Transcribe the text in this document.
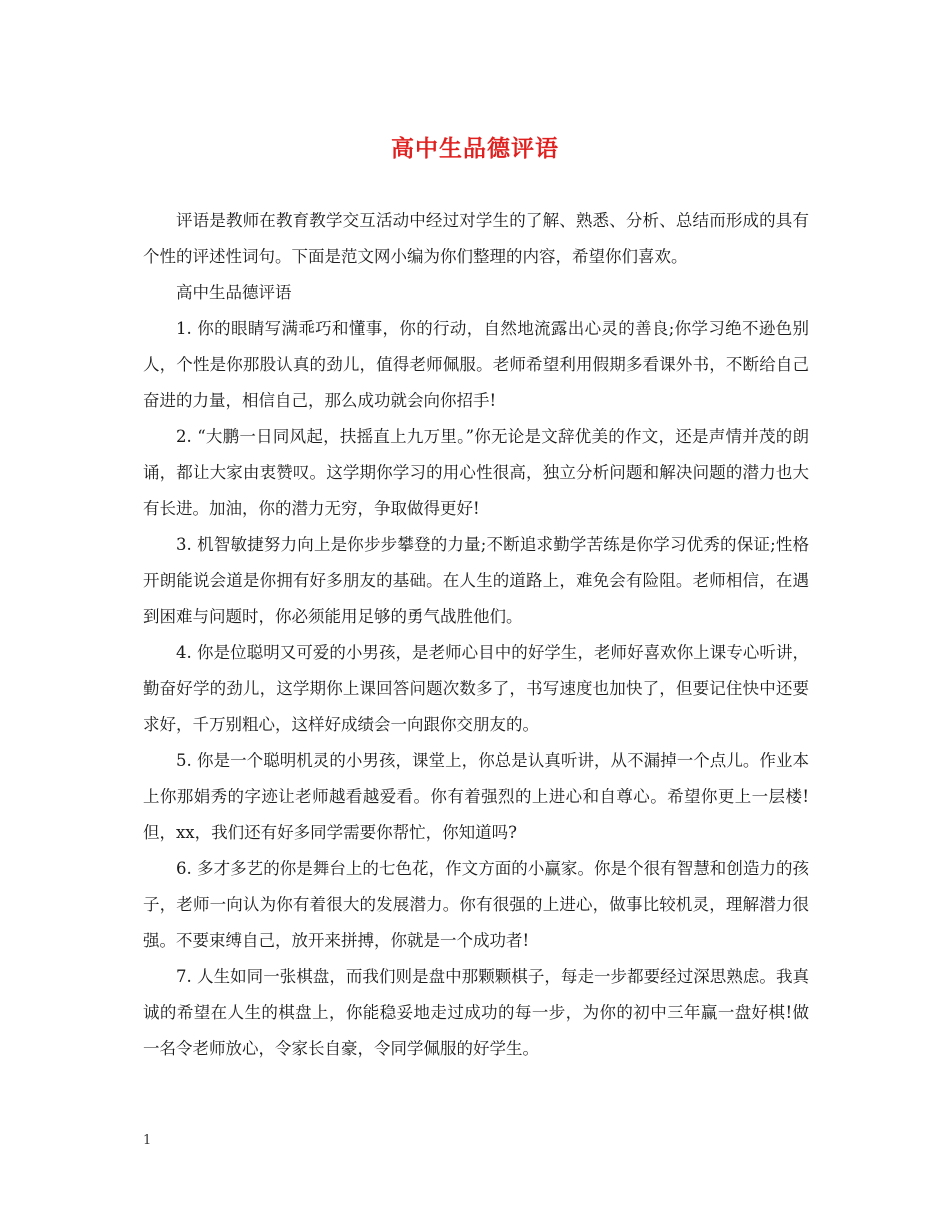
高中生品德评语

评语是教师在教育教学交互活动中经过对学生的了解、熟悉、分析、总结而形成的具有个性的评述性词句。下面是范文网小编为你们整理的内容，希望你们喜欢。

高中生品德评语

1. 你的眼睛写满乖巧和懂事，你的行动，自然地流露出心灵的善良;你学习绝不逊色别人，个性是你那股认真的劲儿，值得老师佩服。老师希望利用假期多看课外书，不断给自己奋进的力量，相信自己，那么成功就会向你招手!

2. “大鹏一日同风起，扶摇直上九万里。”你无论是文辞优美的作文，还是声情并茂的朗诵，都让大家由衷赞叹。这学期你学习的用心性很高，独立分析问题和解决问题的潜力也大有长进。加油，你的潜力无穷，争取做得更好!

3. 机智敏捷努力向上是你步步攀登的力量;不断追求勤学苦练是你学习优秀的保证;性格开朗能说会道是你拥有好多朋友的基础。在人生的道路上，难免会有险阻。老师相信，在遇到困难与问题时，你必须能用足够的勇气战胜他们。

4. 你是位聪明又可爱的小男孩，是老师心目中的好学生，老师好喜欢你上课专心听讲，勤奋好学的劲儿，这学期你上课回答问题次数多了，书写速度也加快了，但要记住快中还要求好，千万别粗心，这样好成绩会一向跟你交朋友的。

5. 你是一个聪明机灵的小男孩，课堂上，你总是认真听讲，从不漏掉一个点儿。作业本上你那娟秀的字迹让老师越看越爱看。你有着强烈的上进心和自尊心。希望你更上一层楼!但，xx，我们还有好多同学需要你帮忙，你知道吗?

6. 多才多艺的你是舞台上的七色花，作文方面的小赢家。你是个很有智慧和创造力的孩子，老师一向认为你有着很大的发展潜力。你有很强的上进心，做事比较机灵，理解潜力很强。不要束缚自己，放开来拼搏，你就是一个成功者!

7. 人生如同一张棋盘，而我们则是盘中那颗颗棋子，每走一步都要经过深思熟虑。我真诚的希望在人生的棋盘上，你能稳妥地走过成功的每一步，为你的初中三年赢一盘好棋!做一名令老师放心，令家长自豪，令同学佩服的好学生。

1
